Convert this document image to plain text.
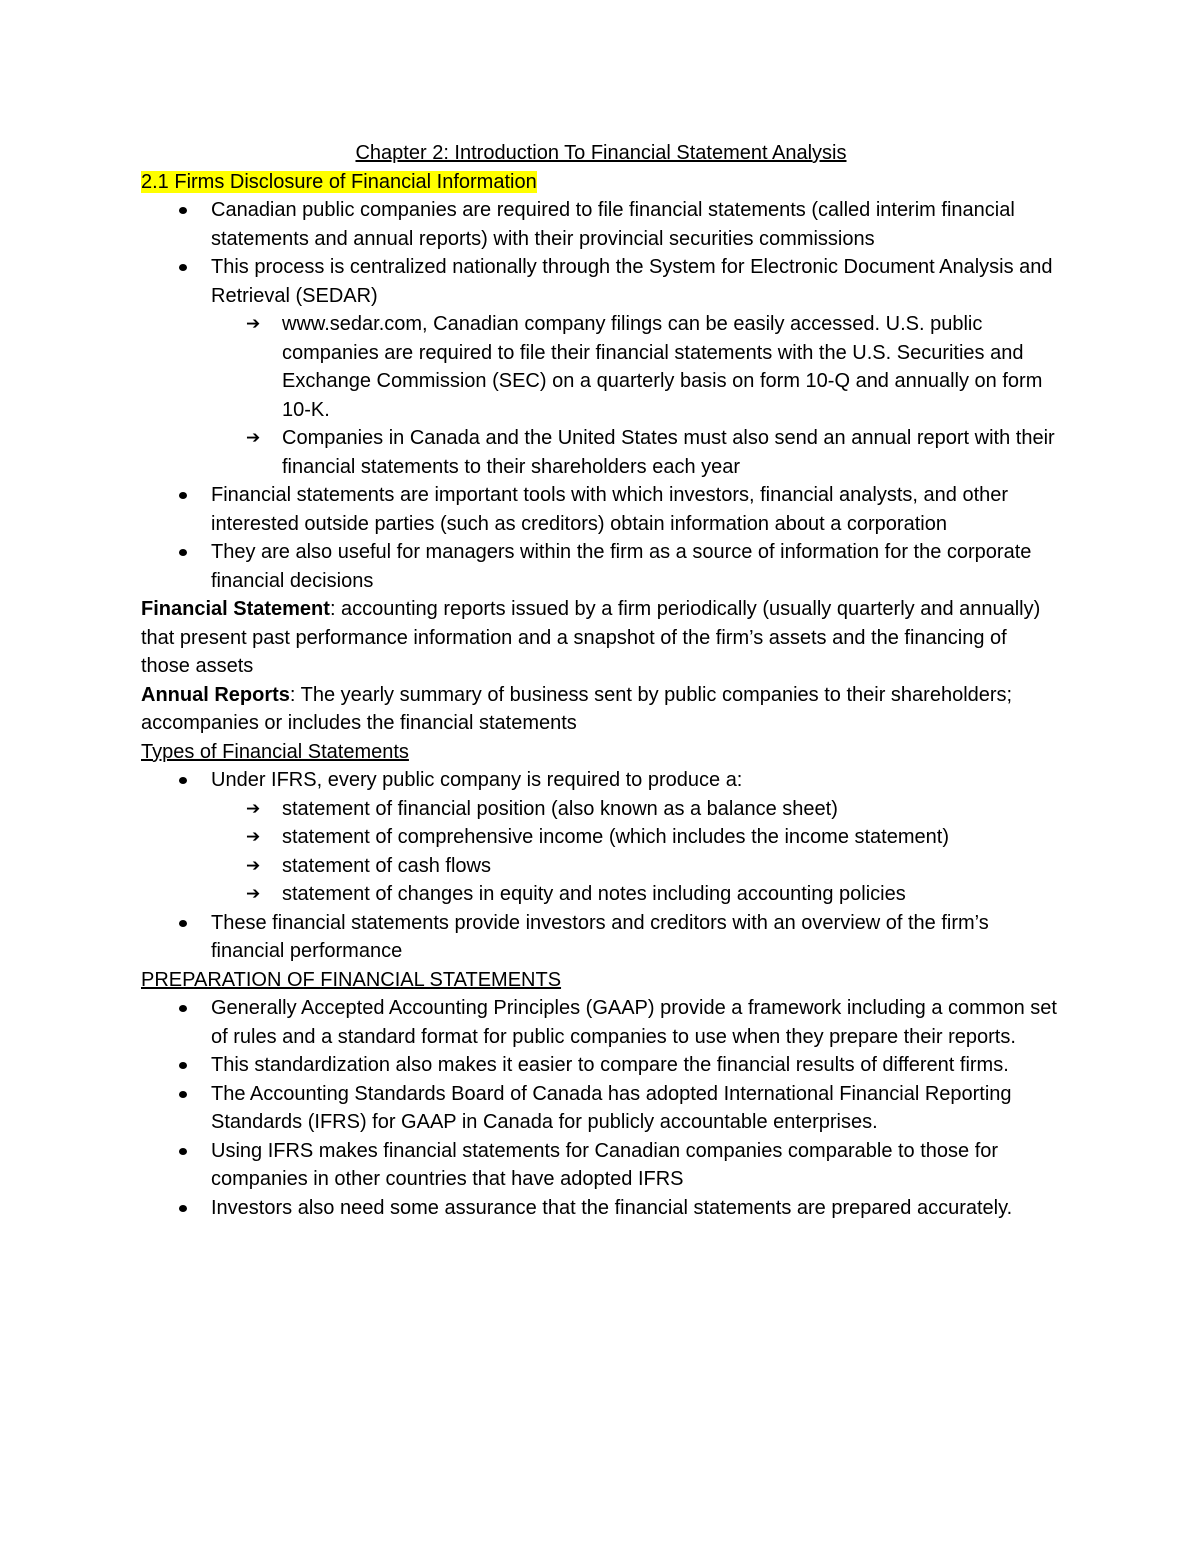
Chapter 2: Introduction To Financial Statement Analysis

2.1 Firms Disclosure of Financial Information

Canadian public companies are required to file financial statements (called interim financial statements and annual reports) with their provincial securities commissions
This process is centralized nationally through the System for Electronic Document Analysis and Retrieval (SEDAR)
➔ www.sedar.com, Canadian company filings can be easily accessed. U.S. public companies are required to file their financial statements with the U.S. Securities and Exchange Commission (SEC) on a quarterly basis on form 10-Q and annually on form 10-K.
➔ Companies in Canada and the United States must also send an annual report with their financial statements to their shareholders each year
Financial statements are important tools with which investors, financial analysts, and other interested outside parties (such as creditors) obtain information about a corporation
They are also useful for managers within the firm as a source of information for the corporate financial decisions

Financial Statement: accounting reports issued by a firm periodically (usually quarterly and annually) that present past performance information and a snapshot of the firm’s assets and the financing of those assets

Annual Reports: The yearly summary of business sent by public companies to their shareholders; accompanies or includes the financial statements

Types of Financial Statements

Under IFRS, every public company is required to produce a:
➔ statement of financial position (also known as a balance sheet)
➔ statement of comprehensive income (which includes the income statement)
➔ statement of cash flows
➔ statement of changes in equity and notes including accounting policies
These financial statements provide investors and creditors with an overview of the firm’s financial performance

PREPARATION OF FINANCIAL STATEMENTS

Generally Accepted Accounting Principles (GAAP) provide a framework including a common set of rules and a standard format for public companies to use when they prepare their reports.
This standardization also makes it easier to compare the financial results of different firms.
The Accounting Standards Board of Canada has adopted International Financial Reporting Standards (IFRS) for GAAP in Canada for publicly accountable enterprises.
Using IFRS makes financial statements for Canadian companies comparable to those for companies in other countries that have adopted IFRS
Investors also need some assurance that the financial statements are prepared accurately.
